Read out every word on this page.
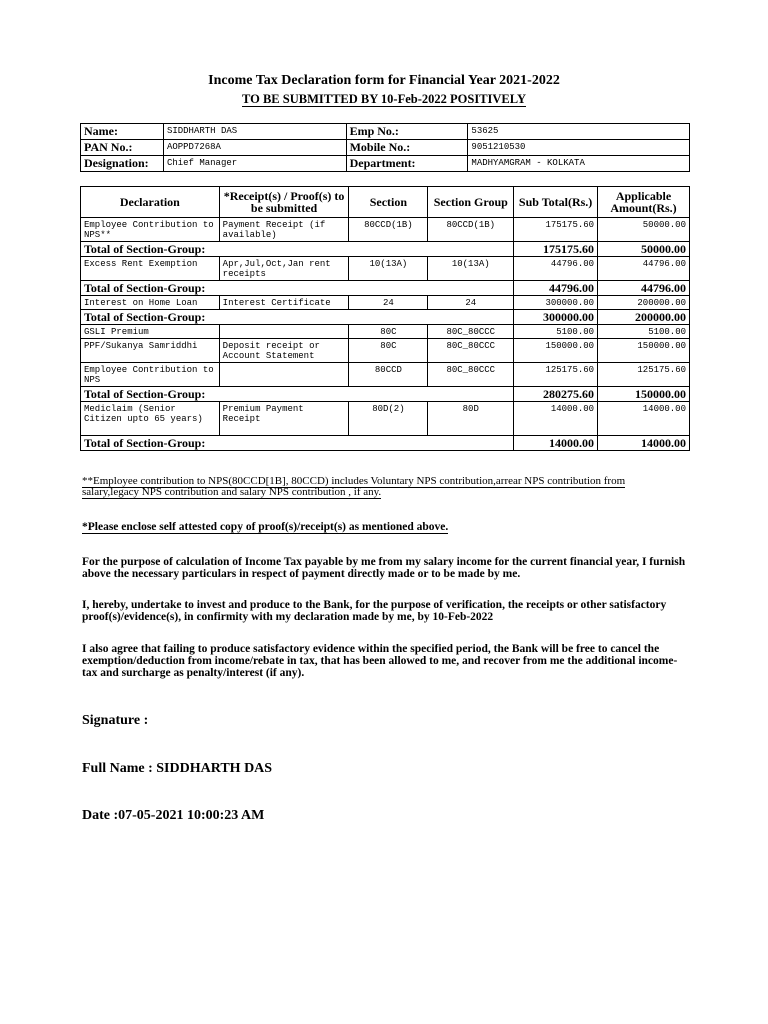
Income Tax Declaration form for Financial Year 2021-2022
TO BE SUBMITTED BY 10-Feb-2022 POSITIVELY
Name:	SIDDHARTH DAS	Emp No.:	53625
PAN No.:	AOPPD7268A	Mobile No.:	9051210530
Designation:	Chief Manager	Department:	MADHYAMGRAM - KOLKATA
Declaration	*Receipt(s) / Proof(s) to be submitted	Section	Section Group	Sub Total(Rs.)	Applicable Amount(Rs.)
Employee Contribution to NPS**	Payment Receipt (if available)	80CCD(1B)	80CCD(1B)	175175.60	50000.00
Total of Section-Group:				175175.60	50000.00
Excess Rent Exemption	Apr,Jul,Oct,Jan rent receipts	10(13A)	10(13A)	44796.00	44796.00
Total of Section-Group:				44796.00	44796.00
Interest on Home Loan	Interest Certificate	24	24	300000.00	200000.00
Total of Section-Group:				300000.00	200000.00
GSLI Premium		80C	80C_80CCC	5100.00	5100.00
PPF/Sukanya Samriddhi	Deposit receipt or Account Statement	80C	80C_80CCC	150000.00	150000.00
Employee Contribution to NPS		80CCD	80C_80CCC	125175.60	125175.60
Total of Section-Group:				280275.60	150000.00
Mediclaim (Senior Citizen upto 65 years)	Premium Payment Receipt	80D(2)	80D	14000.00	14000.00
Total of Section-Group:				14000.00	14000.00
**Employee contribution to NPS(80CCD[1B], 80CCD) includes Voluntary NPS contribution,arrear NPS contribution from salary,legacy NPS contribution and salary NPS contribution , if any.
*Please enclose self attested copy of proof(s)/receipt(s) as mentioned above.
For the purpose of calculation of Income Tax payable by me from my salary income for the current financial year, I furnish above the necessary particulars in respect of payment directly made or to be made by me.
I, hereby, undertake to invest and produce to the Bank, for the purpose of verification, the receipts or other satisfactory proof(s)/evidence(s), in confirmity with my declaration made by me, by 10-Feb-2022
I also agree that failing to produce satisfactory evidence within the specified period, the Bank will be free to cancel the exemption/deduction from income/rebate in tax, that has been allowed to me, and recover from me the additional income-tax and surcharge as penalty/interest (if any).
Signature :
Full Name : SIDDHARTH DAS
Date :07-05-2021 10:00:23 AM
